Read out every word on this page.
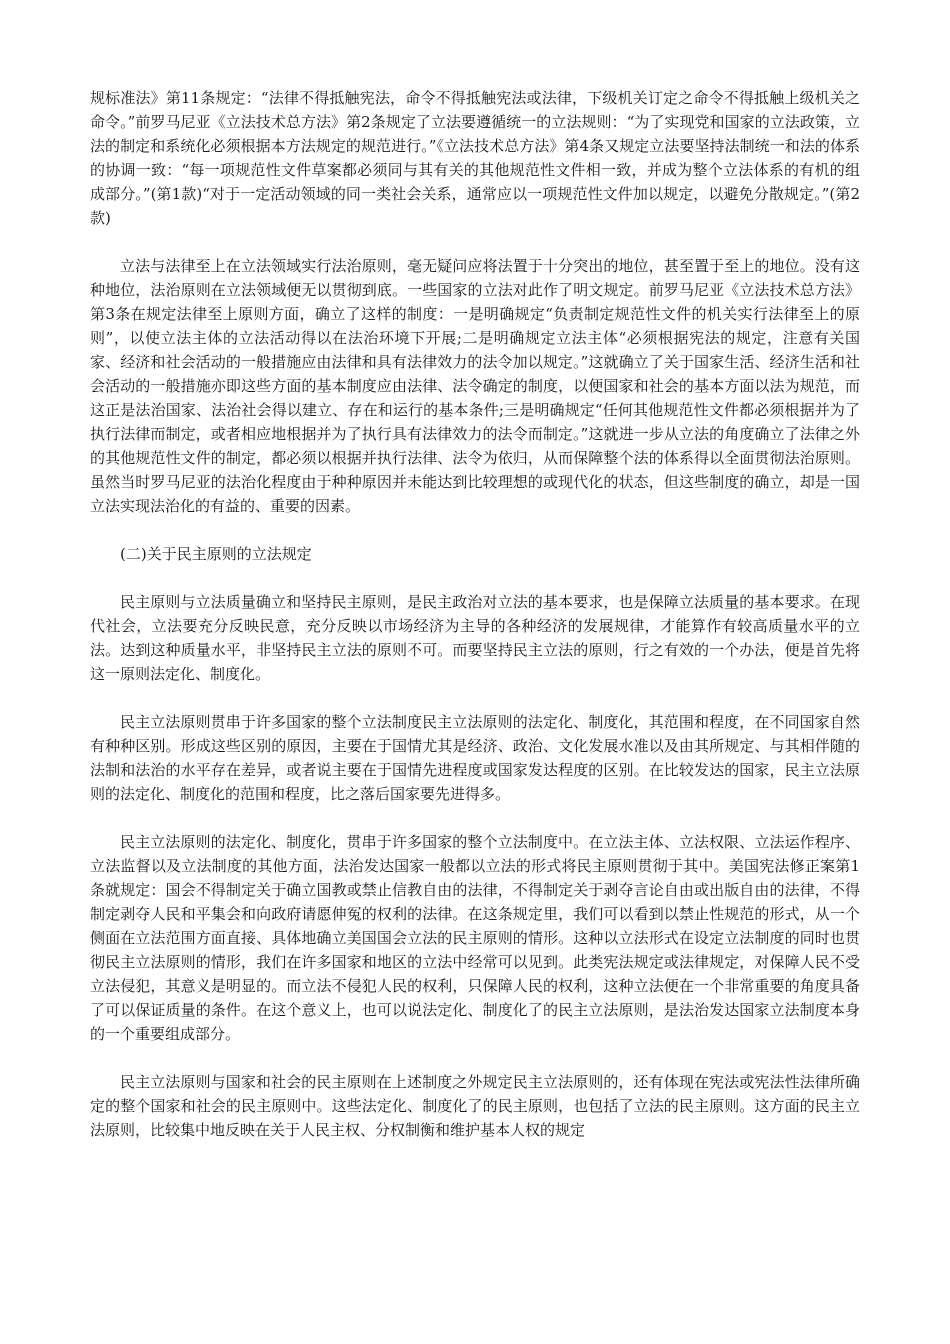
规标准法》第11条规定：“法律不得抵触宪法，命令不得抵触宪法或法律，下级机关订定之命令不得抵触上级机关之命令。”前罗马尼亚《立法技术总方法》第2条规定了立法要遵循统一的立法规则：“为了实现党和国家的立法政策，立法的制定和系统化必须根据本方法规定的规范进行。”《立法技术总方法》第4条又规定立法要坚持法制统一和法的体系的协调一致：“每一项规范性文件草案都必须同与其有关的其他规范性文件相一致，并成为整个立法体系的有机的组成部分。”(第1款)“对于一定活动领域的同一类社会关系，通常应以一项规范性文件加以规定，以避免分散规定。”(第2款)

立法与法律至上在立法领域实行法治原则，毫无疑问应将法置于十分突出的地位，甚至置于至上的地位。没有这种地位，法治原则在立法领域便无以贯彻到底。一些国家的立法对此作了明文规定。前罗马尼亚《立法技术总方法》第3条在规定法律至上原则方面，确立了这样的制度：一是明确规定“负责制定规范性文件的机关实行法律至上的原则”，以使立法主体的立法活动得以在法治环境下开展;二是明确规定立法主体“必须根据宪法的规定，注意有关国家、经济和社会活动的一般措施应由法律和具有法律效力的法令加以规定。”这就确立了关于国家生活、经济生活和社会活动的一般措施亦即这些方面的基本制度应由法律、法令确定的制度，以便国家和社会的基本方面以法为规范，而这正是法治国家、法治社会得以建立、存在和运行的基本条件;三是明确规定“任何其他规范性文件都必须根据并为了执行法律而制定，或者相应地根据并为了执行具有法律效力的法令而制定。”这就进一步从立法的角度确立了法律之外的其他规范性文件的制定，都必须以根据并执行法律、法令为依归，从而保障整个法的体系得以全面贯彻法治原则。虽然当时罗马尼亚的法治化程度由于种种原因并未能达到比较理想的或现代化的状态，但这些制度的确立，却是一国立法实现法治化的有益的、重要的因素。

(二)关于民主原则的立法规定

民主原则与立法质量确立和坚持民主原则，是民主政治对立法的基本要求，也是保障立法质量的基本要求。在现代社会，立法要充分反映民意，充分反映以市场经济为主导的各种经济的发展规律，才能算作有较高质量水平的立法。达到这种质量水平，非坚持民主立法的原则不可。而要坚持民主立法的原则，行之有效的一个办法，便是首先将这一原则法定化、制度化。

民主立法原则贯串于许多国家的整个立法制度民主立法原则的法定化、制度化，其范围和程度，在不同国家自然有种种区别。形成这些区别的原因，主要在于国情尤其是经济、政治、文化发展水准以及由其所规定、与其相伴随的法制和法治的水平存在差异，或者说主要在于国情先进程度或国家发达程度的区别。在比较发达的国家，民主立法原则的法定化、制度化的范围和程度，比之落后国家要先进得多。

民主立法原则的法定化、制度化，贯串于许多国家的整个立法制度中。在立法主体、立法权限、立法运作程序、立法监督以及立法制度的其他方面，法治发达国家一般都以立法的形式将民主原则贯彻于其中。美国宪法修正案第1条就规定：国会不得制定关于确立国教或禁止信教自由的法律，不得制定关于剥夺言论自由或出版自由的法律，不得制定剥夺人民和平集会和向政府请愿伸冤的权利的法律。在这条规定里，我们可以看到以禁止性规范的形式，从一个侧面在立法范围方面直接、具体地确立美国国会立法的民主原则的情形。这种以立法形式在设定立法制度的同时也贯彻民主立法原则的情形，我们在许多国家和地区的立法中经常可以见到。此类宪法规定或法律规定，对保障人民不受立法侵犯，其意义是明显的。而立法不侵犯人民的权利，只保障人民的权利，这种立法便在一个非常重要的角度具备了可以保证质量的条件。在这个意义上，也可以说法定化、制度化了的民主立法原则，是法治发达国家立法制度本身的一个重要组成部分。

民主立法原则与国家和社会的民主原则在上述制度之外规定民主立法原则的，还有体现在宪法或宪法性法律所确定的整个国家和社会的民主原则中。这些法定化、制度化了的民主原则，也包括了立法的民主原则。这方面的民主立法原则，比较集中地反映在关于人民主权、分权制衡和维护基本人权的规定
